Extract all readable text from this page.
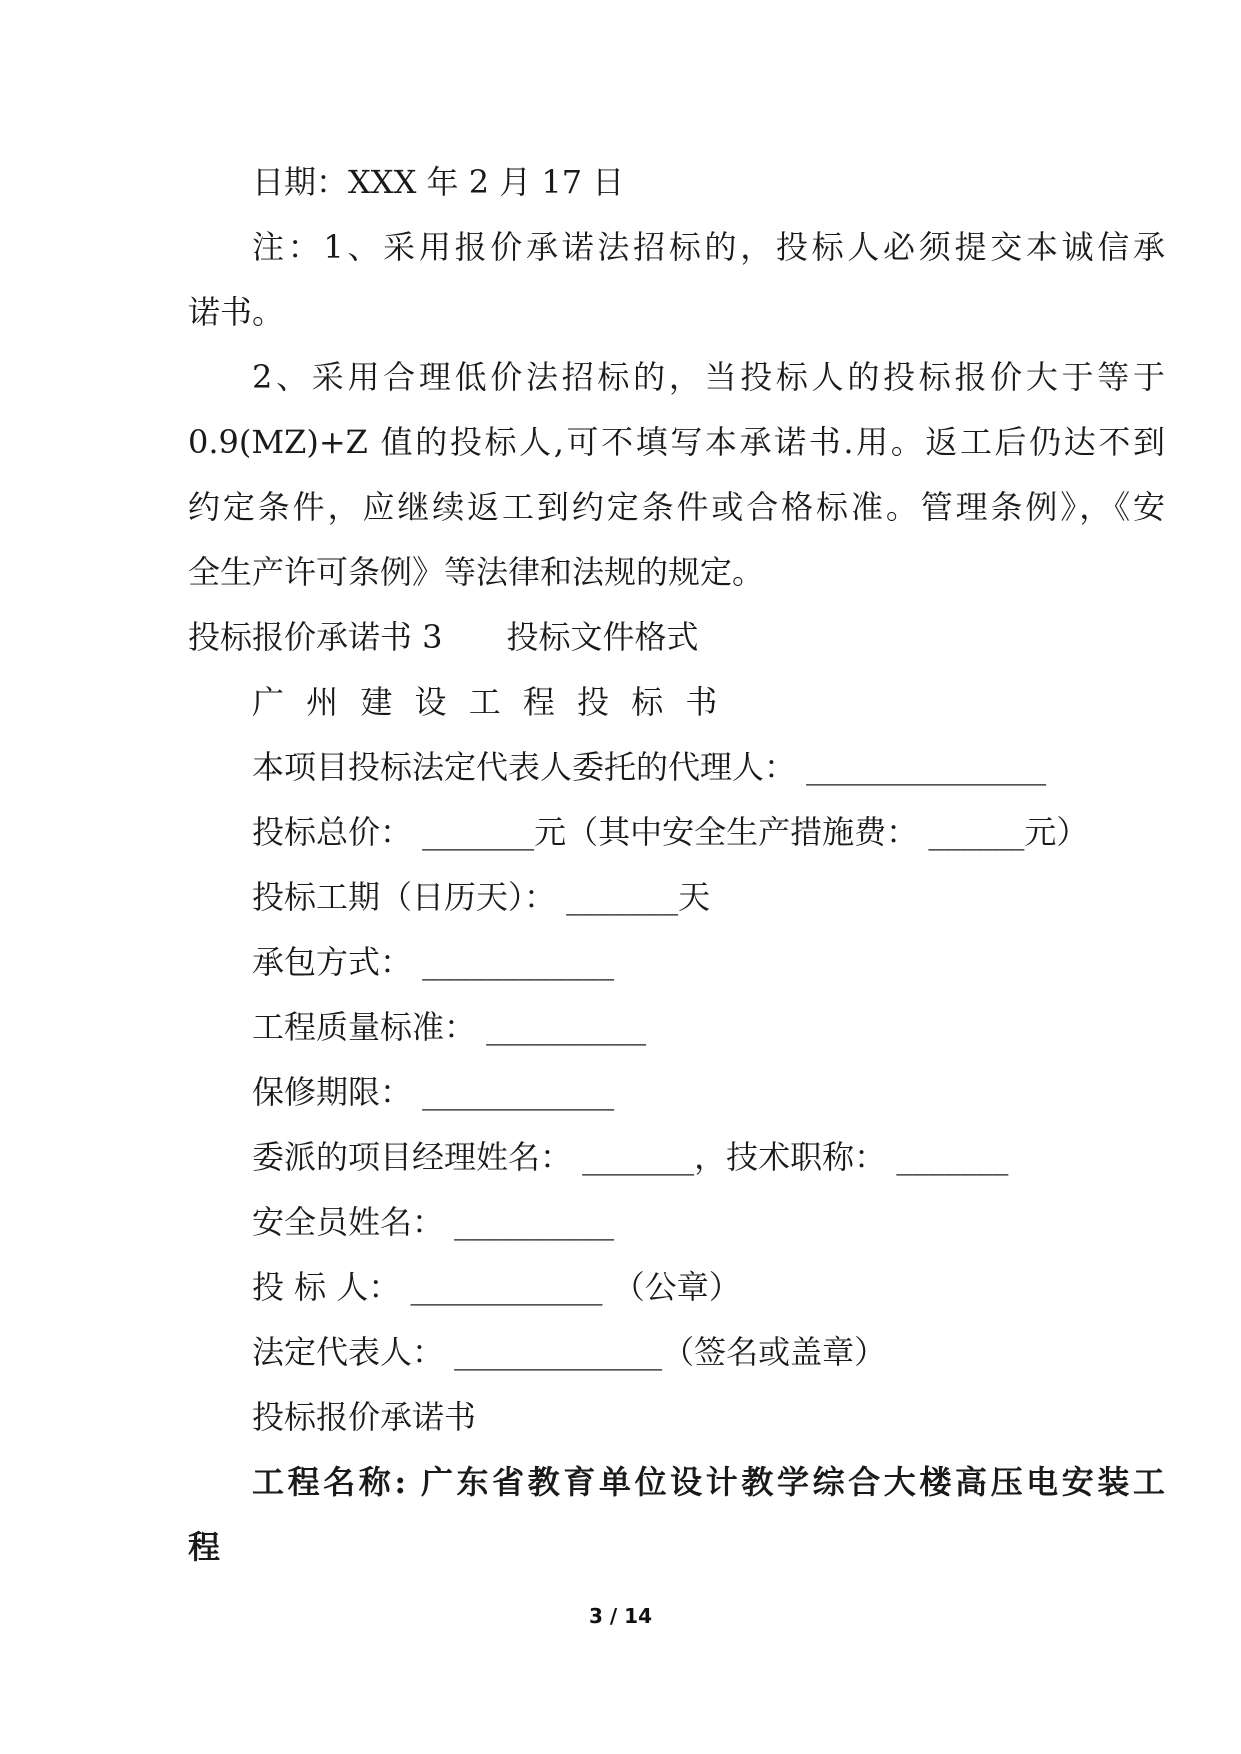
日期：XXX 年 2 月 17 日
注：1、采用报价承诺法招标的，投标人必须提交本诚信承
诺书。
2、采用合理低价法招标的，当投标人的投标报价大于等于
0.9(MZ)+Z 值的投标人,可不填写本承诺书.用。返工后仍达不到
约定条件，应继续返工到约定条件或合格标准。管理条例》，《安
全生产许可条例》等法律和法规的规定。
投标报价承诺书 3　　投标文件格式
广 州 建 设 工 程 投 标 书
本项目投标法定代表人委托的代理人： _______________
投标总价： _______元（其中安全生产措施费： ______元）
投标工期（日历天）： _______天
承包方式： ____________
工程质量标准： __________
保修期限： ____________
委派的项目经理姓名： _______，技术职称： _______
安全员姓名： __________
投 标 人： ____________ （公章）
法定代表人： _____________（签名或盖章）
投标报价承诺书
工程名称: 广东省教育单位设计教学综合大楼高压电安装工
程
3 / 14
